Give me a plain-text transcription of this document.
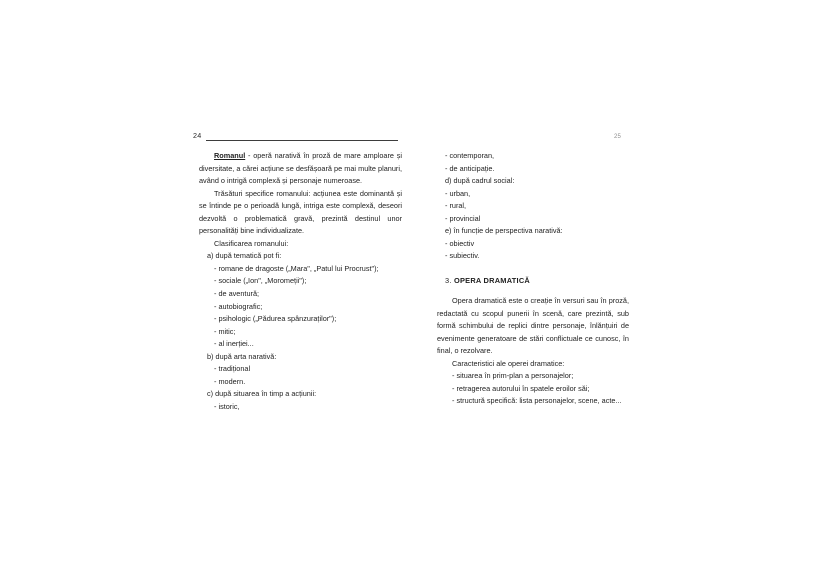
24	25

Romanul - operă narativă în proză de mare amploare și diversitate, a cărei acțiune se desfășoară pe mai multe planuri, având o intrigă complexă și personaje numeroase.

Trăsături specifice romanului: acțiunea este dominantă și se întinde pe o perioadă lungă, intriga este complexă, deseori dezvoltă o problematică gravă, prezintă destinul unor personalități bine individualizate.

Clasificarea romanului:

a) după tematică pot fi:

- romane de dragoste („Mara", „Patul lui Procrust");

- sociale („Ion", „Moromeții");

- de aventură;

- autobiografic;

- psihologic („Pădurea spânzuraților");

- mitic;

- al inerției...

b) după arta narativă:

- tradițional

- modern.

c) după situarea în timp a acțiunii:

- istoric,

- contemporan,

- de anticipație.

d) după cadrul social:

- urban,

- rural,

- provincial

e) în funcție de perspectiva narativă:

- obiectiv

- subiectiv.

3. OPERA DRAMATICĂ

Opera dramatică este o creație în versuri sau în proză, redactată cu scopul punerii în scenă, care prezintă, sub formă schimbului de replici dintre personaje, înlănțuiri de evenimente generatoare de stări conflictuale ce cunosc, în final, o rezolvare.

Caracteristici ale operei dramatice:

- situarea în prim-plan a personajelor;

- retragerea autorului în spatele eroilor săi;

- structură specifică: lista personajelor, scene, acte...
